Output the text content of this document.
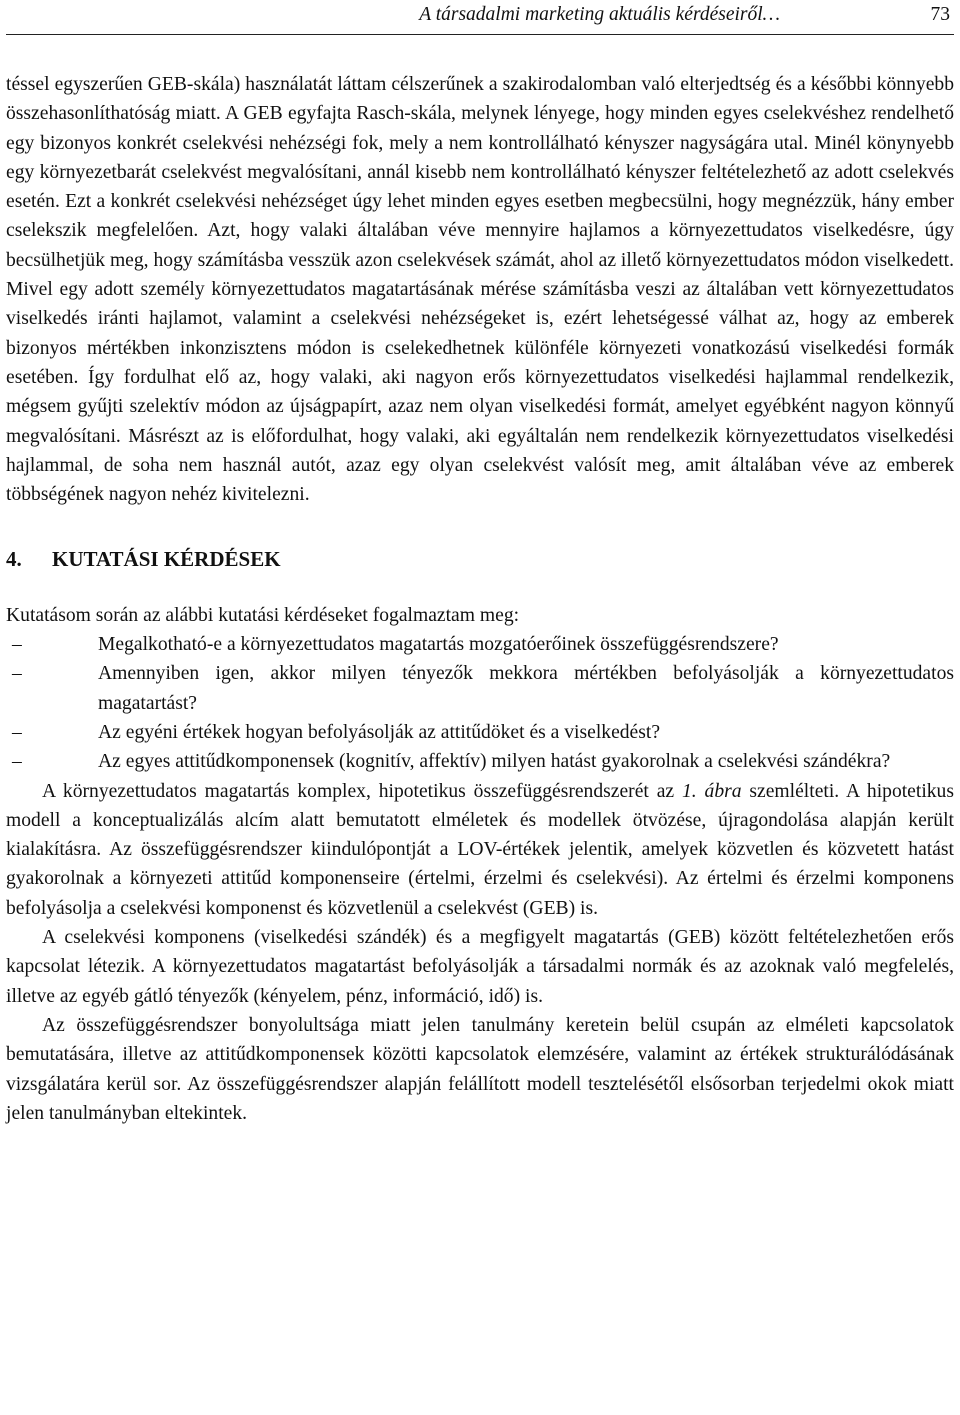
A társadalmi marketing aktuális kérdéseiről…	73

téssel egyszerűen GEB-skála) használatát láttam célszerűnek a szakirodalomban való elterjedtség és a későbbi könnyebb összehasonlíthatóság miatt. A GEB egyfajta Rasch-skála, melynek lényege, hogy minden egyes cselekvéshez rendelhető egy bizonyos konkrét cselekvési nehézségi fok, mely a nem kontrollálható kényszer nagyságára utal. Minél könynyebb egy környezetbarát cselekvést megvalósítani, annál kisebb nem kontrollálható kényszer feltételezhető az adott cselekvés esetén. Ezt a konkrét cselekvési nehézséget úgy lehet minden egyes esetben megbecsülni, hogy megnézzük, hány ember cselekszik megfelelően. Azt, hogy valaki általában véve mennyire hajlamos a környezettudatos viselkedésre, úgy becsülhetjük meg, hogy számításba vesszük azon cselekvések számát, ahol az illető környezettudatos módon viselkedett. Mivel egy adott személy környezettudatos magatartásának mérése számításba veszi az általában vett környezettudatos viselkedés iránti hajlamot, valamint a cselekvési nehézségeket is, ezért lehetségessé válhat az, hogy az emberek bizonyos mértékben inkonzisztens módon is cselekedhetnek különféle környezeti vonatkozású viselkedési formák esetében. Így fordulhat elő az, hogy valaki, aki nagyon erős környezettudatos viselkedési hajlammal rendelkezik, mégsem gyűjti szelektív módon az újságpapírt, azaz nem olyan viselkedési formát, amelyet egyébként nagyon könnyű megvalósítani. Másrészt az is előfordulhat, hogy valaki, aki egyáltalán nem rendelkezik környezettudatos viselkedési hajlammal, de soha nem használ autót, azaz egy olyan cselekvést valósít meg, amit általában véve az emberek többségének nagyon nehéz kivitelezni.

4.	KUTATÁSI KÉRDÉSEK

Kutatásom során az alábbi kutatási kérdéseket fogalmaztam meg:

–	Megalkotható-e a környezettudatos magatartás mozgatóerőinek összefüggésrendszere?
–	Amennyiben igen, akkor milyen tényezők mekkora mértékben befolyásolják a környezettudatos magatartást?
–	Az egyéni értékek hogyan befolyásolják az attitűdöket és a viselkedést?
–	Az egyes attitűdkomponensek (kognitív, affektív) milyen hatást gyakorolnak a cselekvési szándékra?

A környezettudatos magatartás komplex, hipotetikus összefüggésrendszerét az 1. ábra szemlélteti. A hipotetikus modell a konceptualizálás alcím alatt bemutatott elméletek és modellek ötvözése, újragondolása alapján került kialakításra. Az összefüggésrendszer kiindulópontját a LOV-értékek jelentik, amelyek közvetlen és közvetett hatást gyakorolnak a környezeti attitűd komponenseire (értelmi, érzelmi és cselekvési). Az értelmi és érzelmi komponens befolyásolja a cselekvési komponenst és közvetlenül a cselekvést (GEB) is.

A cselekvési komponens (viselkedési szándék) és a megfigyelt magatartás (GEB) között feltételezhetően erős kapcsolat létezik. A környezettudatos magatartást befolyásolják a társadalmi normák és az azoknak való megfelelés, illetve az egyéb gátló tényezők (kényelem, pénz, információ, idő) is.

Az összefüggésrendszer bonyolultsága miatt jelen tanulmány keretein belül csupán az elméleti kapcsolatok bemutatására, illetve az attitűdkomponensek közötti kapcsolatok elemzésére, valamint az értékek strukturálódásának vizsgálatára kerül sor. Az összefüggésrendszer alapján felállított modell tesztelésétől elsősorban terjedelmi okok miatt jelen tanulmányban eltekintek.
